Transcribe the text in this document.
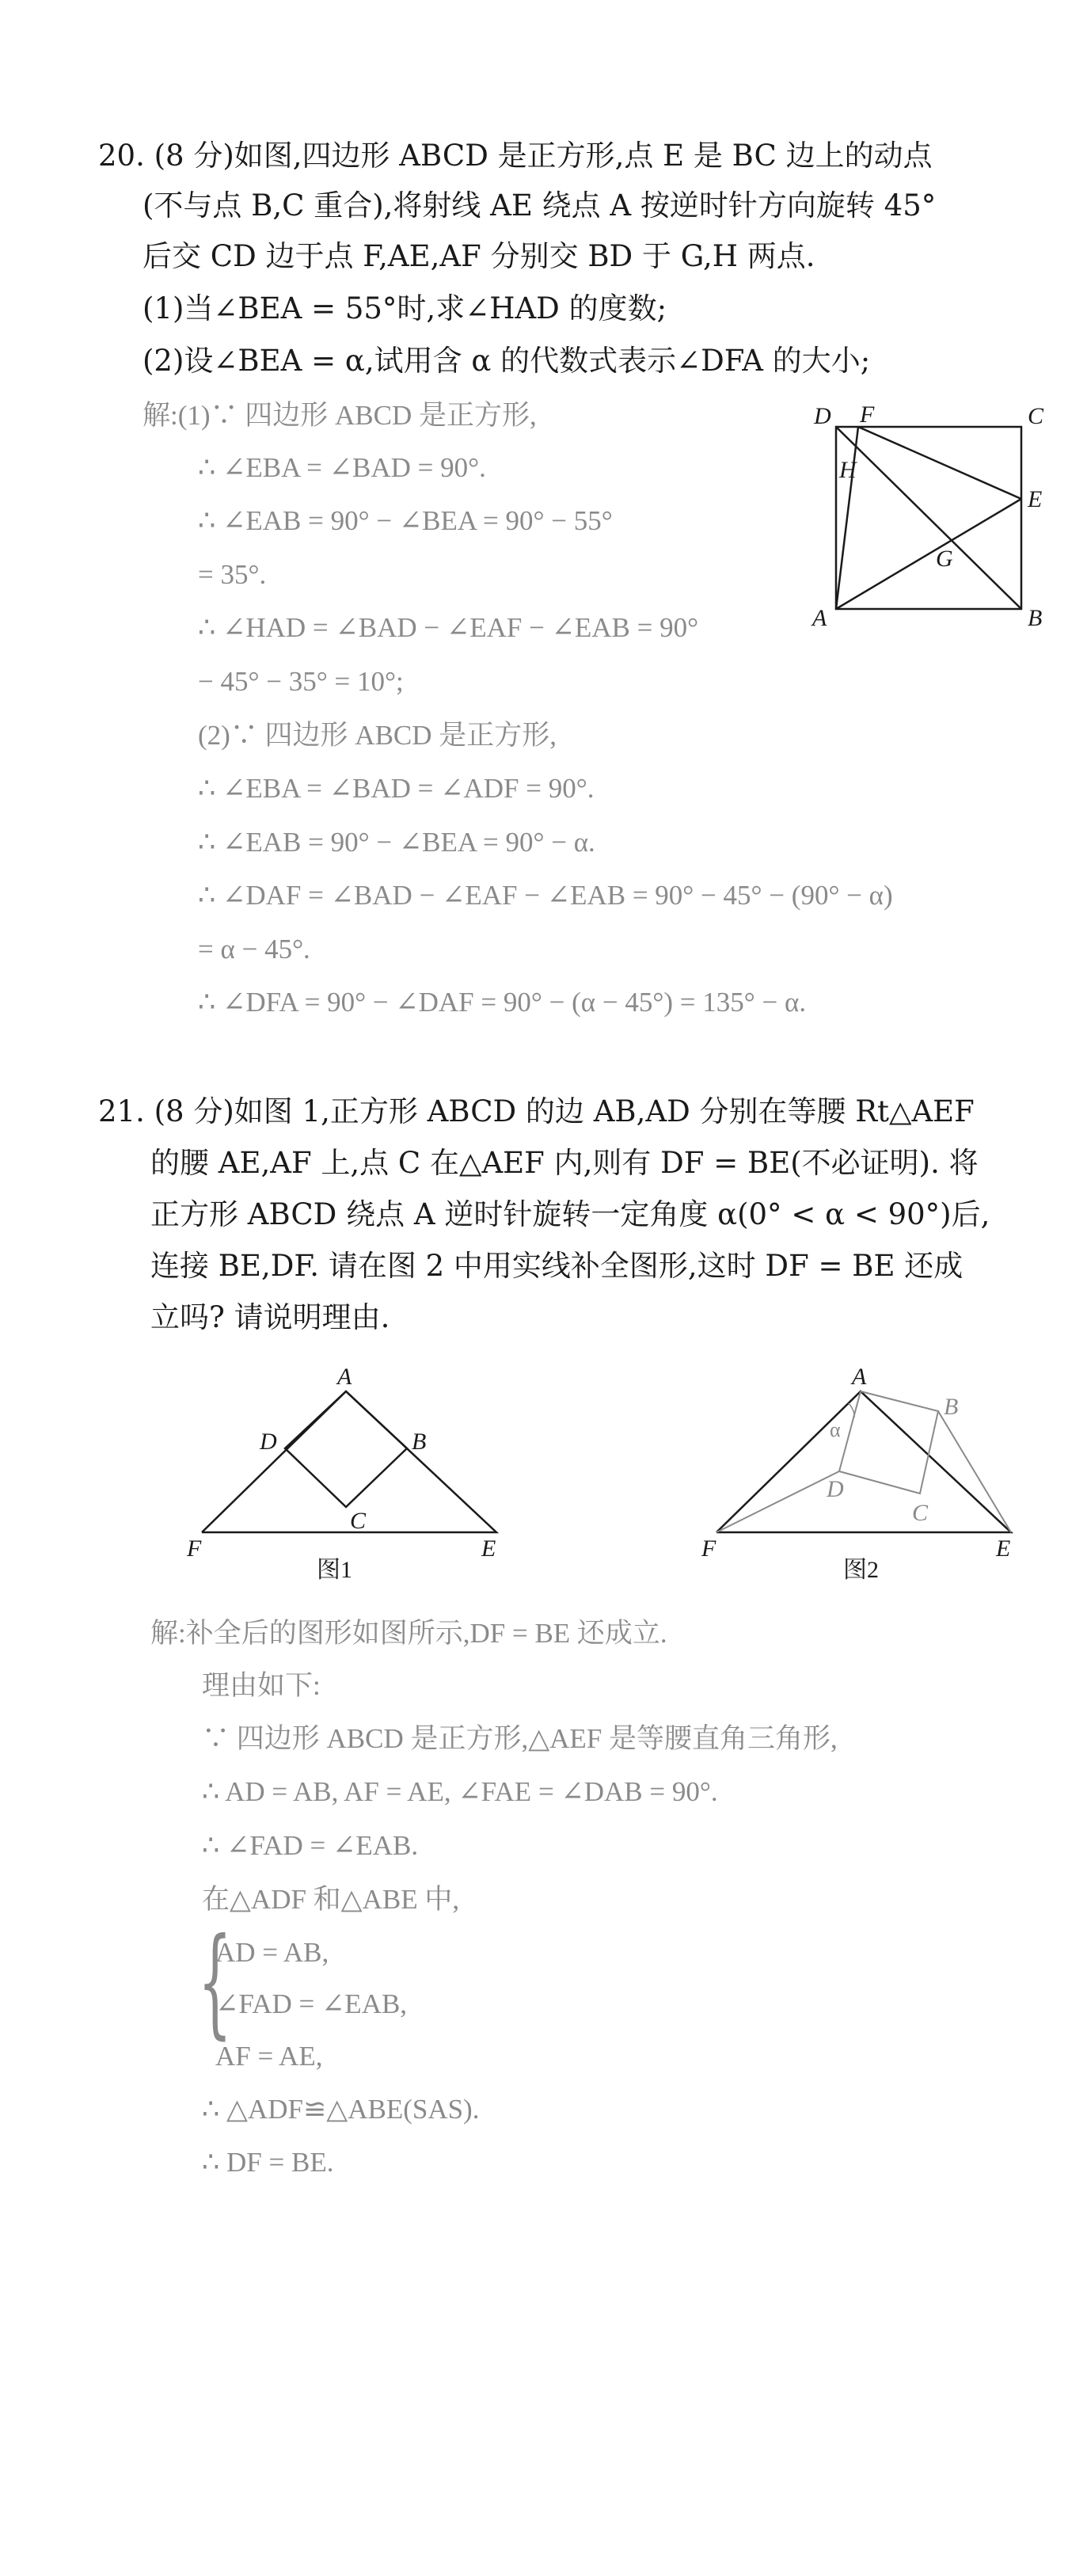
20. (8 分)如图,四边形 ABCD 是正方形,点 E 是 BC 边上的动点
(不与点 B,C 重合),将射线 AE 绕点 A 按逆时针方向旋转 45°
后交 CD 边于点 F,AE,AF 分别交 BD 于 G,H 两点.
(1)当∠BEA = 55°时,求∠HAD 的度数;
(2)设∠BEA = α,试用含 α 的代数式表示∠DFA 的大小;
解:(1)∵ 四边形 ABCD 是正方形,
∴ ∠EBA = ∠BAD = 90°.
∴ ∠EAB = 90° − ∠BEA = 90° − 55°
= 35°.
∴ ∠HAD = ∠BAD − ∠EAF − ∠EAB = 90°
− 45° − 35° = 10°;
(2)∵ 四边形 ABCD 是正方形,
∴ ∠EBA = ∠BAD = ∠ADF = 90°.
∴ ∠EAB = 90° − ∠BEA = 90° − α.
∴ ∠DAF = ∠BAD − ∠EAF − ∠EAB = 90° − 45° − (90° − α)
= α − 45°.
∴ ∠DFA = 90° − ∠DAF = 90° − (α − 45°) = 135° − α.
D F	C
H
E
G
A	B
21. (8 分)如图 1,正方形 ABCD 的边 AB,AD 分别在等腰 Rt△AEF
的腰 AE,AF 上,点 C 在△AEF 内,则有 DF = BE(不必证明). 将
正方形 ABCD 绕点 A 逆时针旋转一定角度 α(0° < α < 90°)后,
连接 BE,DF. 请在图 2 中用实线补全图形,这时 DF = BE 还成
立吗? 请说明理由.
A
D	B
C
F	E
图1
A
B
D
C
α
F	E
图2
解:补全后的图形如图所示,DF = BE 还成立.
理由如下:
∵ 四边形 ABCD 是正方形,△AEF 是等腰直角三角形,
∴ AD = AB, AF = AE, ∠FAE = ∠DAB = 90°.
∴ ∠FAD = ∠EAB.
在△ADF 和△ABE 中,
{
AD = AB,
∠FAD = ∠EAB,
AF = AE,
∴ △ADF≌△ABE(SAS).
∴ DF = BE.
